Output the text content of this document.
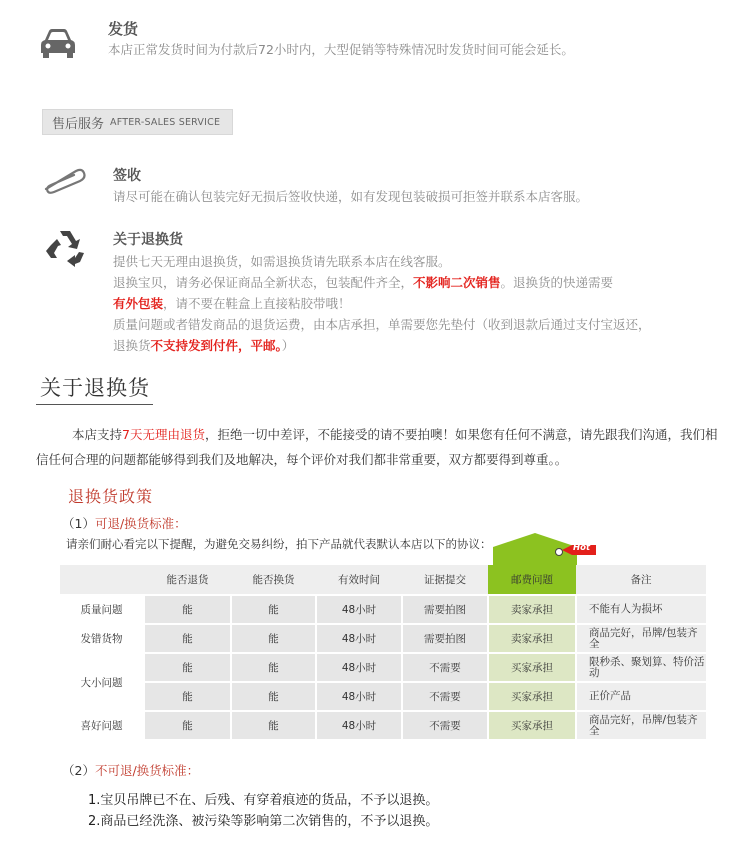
发货
本店正常发货时间为付款后72小时内，大型促销等特殊情况时发货时间可能会延长。
售后服务 AFTER-SALES SERVICE
签收
请尽可能在确认包装完好无损后签收快递，如有发现包装破损可拒签并联系本店客服。
关于退换货
提供七天无理由退换货，如需退换货请先联系本店在线客服。
退换宝贝，请务必保证商品全新状态，包装配件齐全，不影响二次销售。退换货的快递需要
有外包装，请不要在鞋盒上直接粘胶带哦！
质量问题或者错发商品的退货运费，由本店承担，单需要您先垫付（收到退款后通过支付宝返还，
退换货不支持发到付件，平邮。）
关于退换货
本店支持7天无理由退货，拒绝一切中差评，不能接受的请不要拍噢！如果您有任何不满意，请先跟我们沟通，我们相信任何合理的问题都能够得到我们及地解决，每个评价对我们都非常重要，双方都要得到尊重。。
退换货政策
（1）可退/换货标准：
请亲们耐心看完以下提醒，为避免交易纠纷，拍下产品就代表默认本店以下的协议：	Hot
	能否退货	能否换货	有效时间	证据提交	邮费问题	备注
质量问题	能	能	48小时	需要拍图	卖家承担	不能有人为损坏
发错货物	能	能	48小时	需要拍图	卖家承担	商品完好，吊牌/包装齐全
大小问题	能	能	48小时	不需要	买家承担	限秒杀、聚划算、特价活动
	能	能	48小时	不需要	买家承担	正价产品
喜好问题	能	能	48小时	不需要	买家承担	商品完好，吊牌/包装齐全
（2）不可退/换货标准：
1.宝贝吊牌已不在、后残、有穿着痕迹的货品，不予以退换。
2.商品已经洗涤、被污染等影响第二次销售的，不予以退换。
